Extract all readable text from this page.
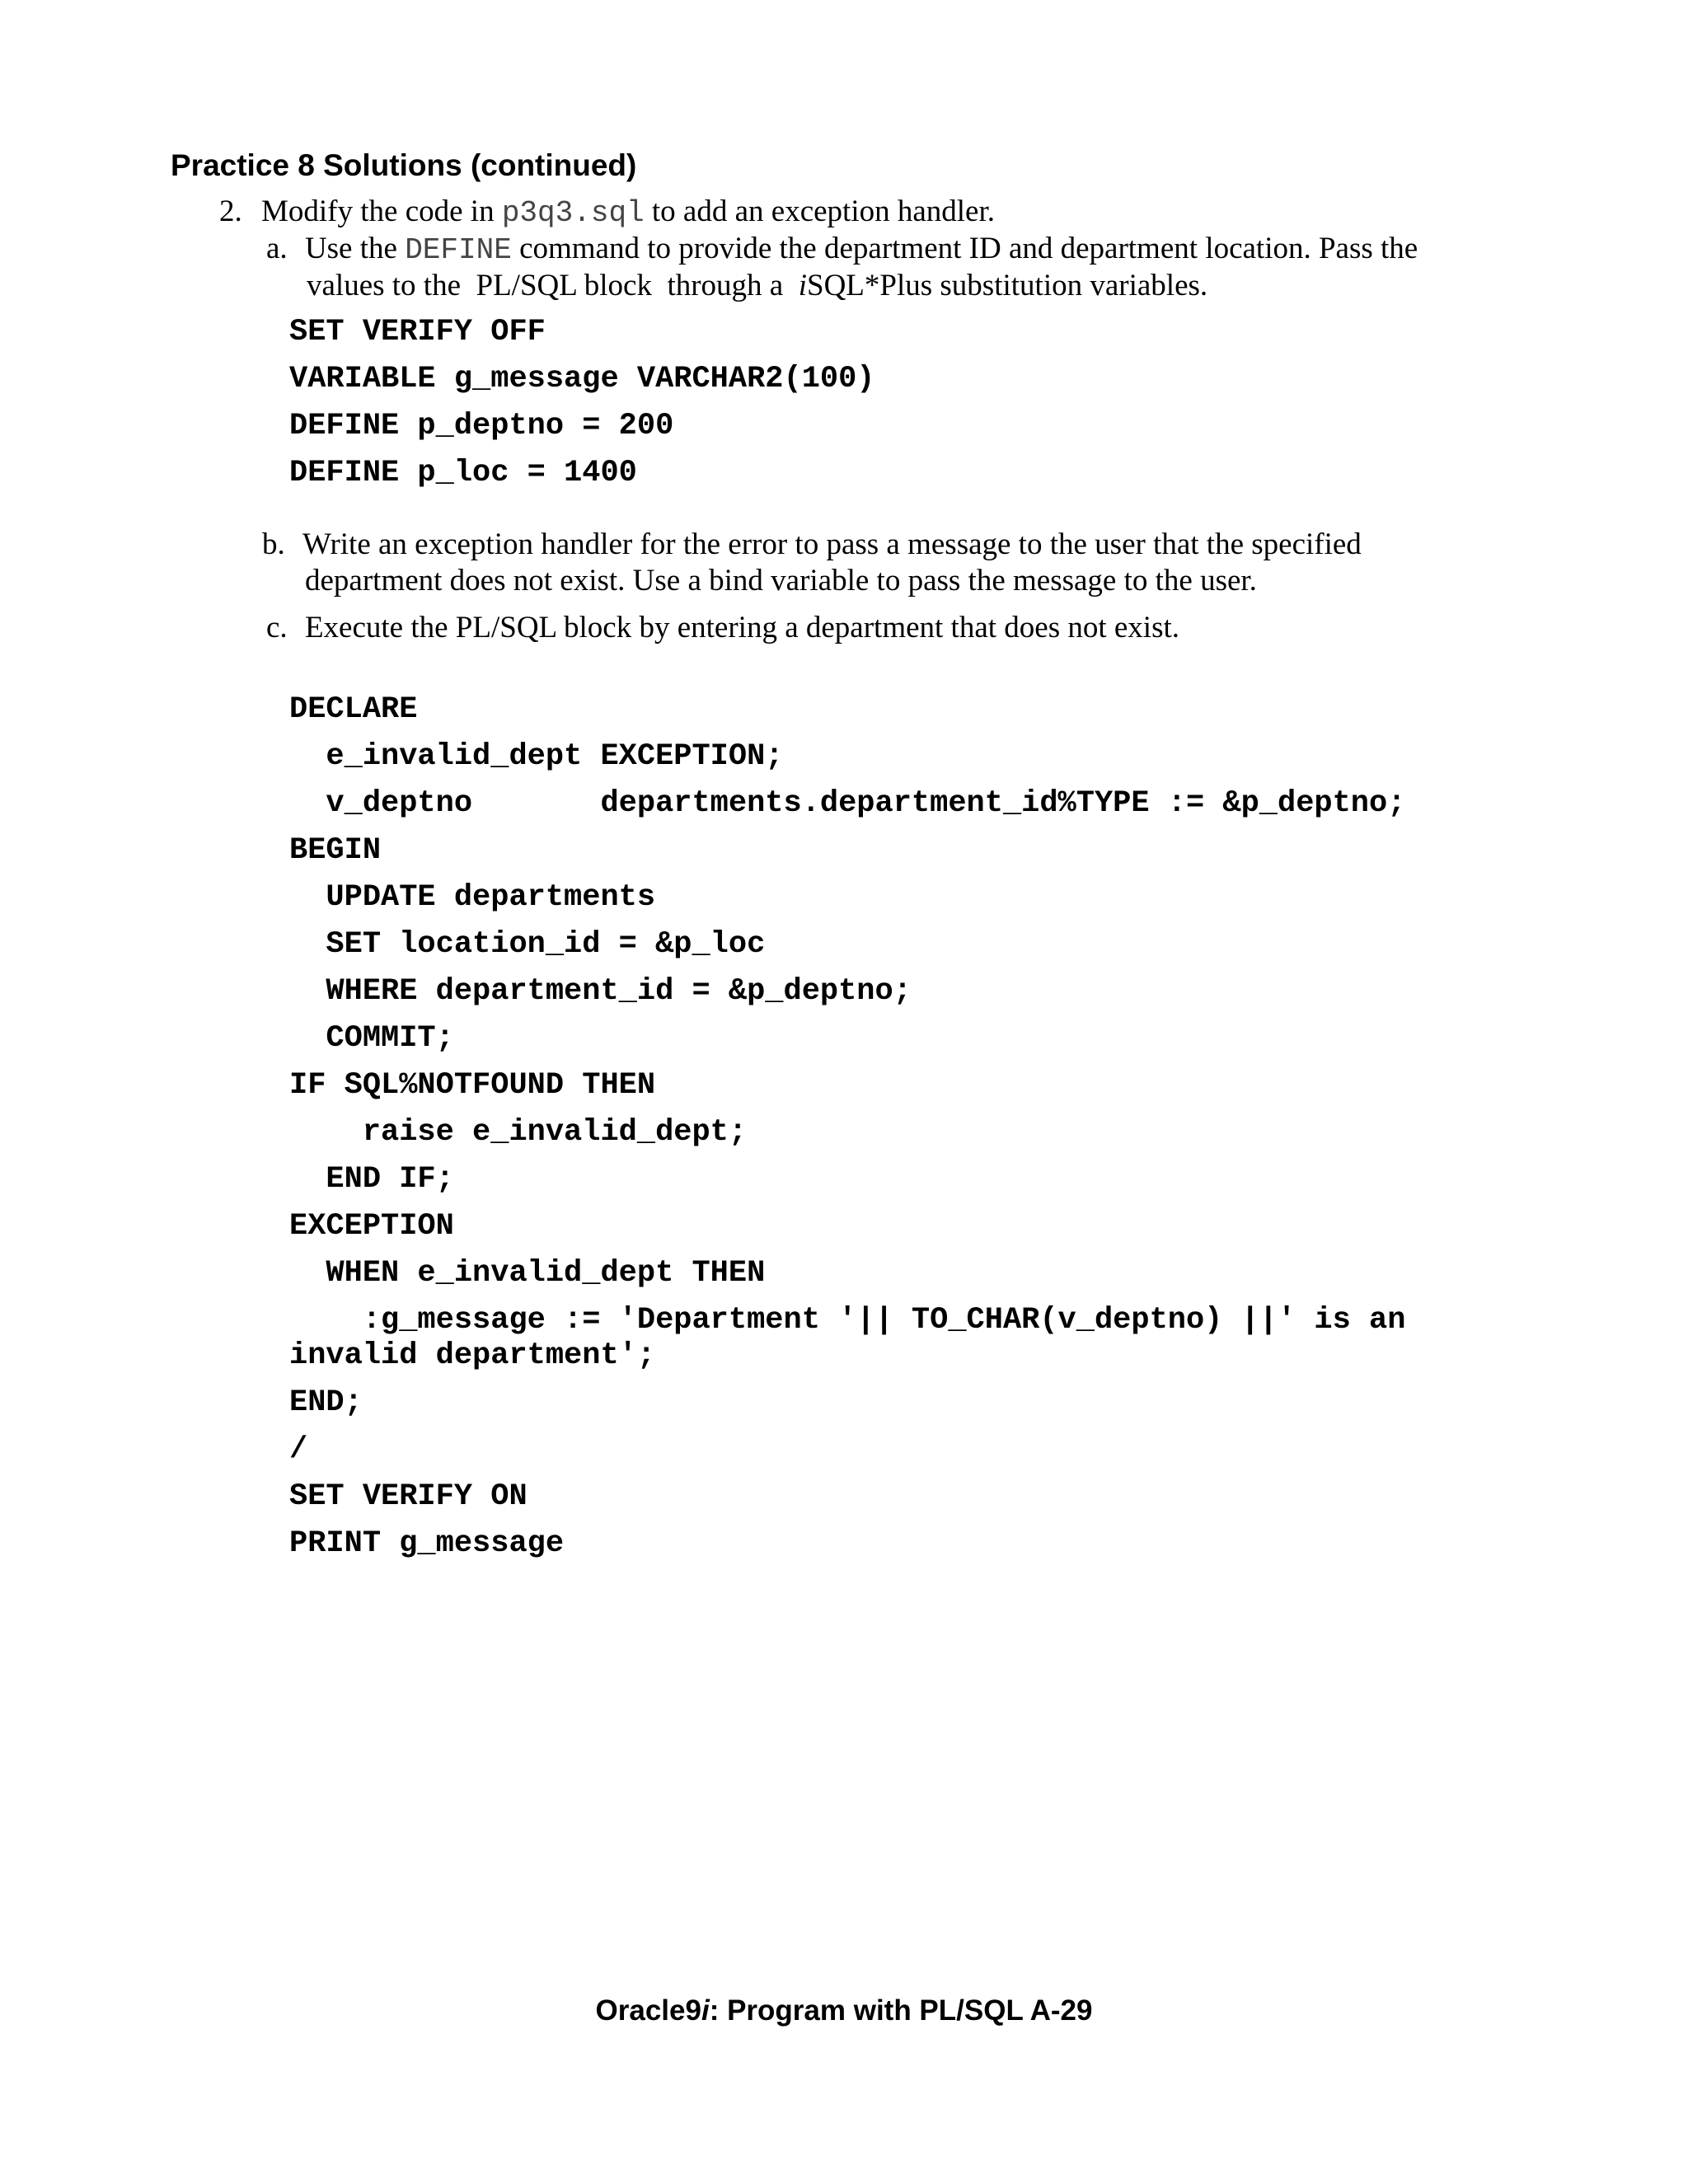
Practice 8 Solutions (continued)
2. Modify the code in p3q3.sql to add an exception handler.
a. Use the DEFINE command to provide the department ID and department location. Pass the
values to the  PL/SQL block  through a  iSQL*Plus substitution variables.
SET VERIFY OFF
VARIABLE g_message VARCHAR2(100)
DEFINE p_deptno = 200
DEFINE p_loc = 1400
b. Write an exception handler for the error to pass a message to the user that the specified
department does not exist. Use a bind variable to pass the message to the user.
c. Execute the PL/SQL block by entering a department that does not exist.
DECLARE
e_invalid_dept EXCEPTION;
v_deptno       departments.department_id%TYPE := &p_deptno;
BEGIN
UPDATE departments
SET location_id = &p_loc
WHERE department_id = &p_deptno;
COMMIT;
IF SQL%NOTFOUND THEN
raise e_invalid_dept;
END IF;
EXCEPTION
WHEN e_invalid_dept THEN
:g_message := 'Department '|| TO_CHAR(v_deptno) ||' is an
invalid department';
END;
/
SET VERIFY ON
PRINT g_message
Oracle9i: Program with PL/SQL A-29
